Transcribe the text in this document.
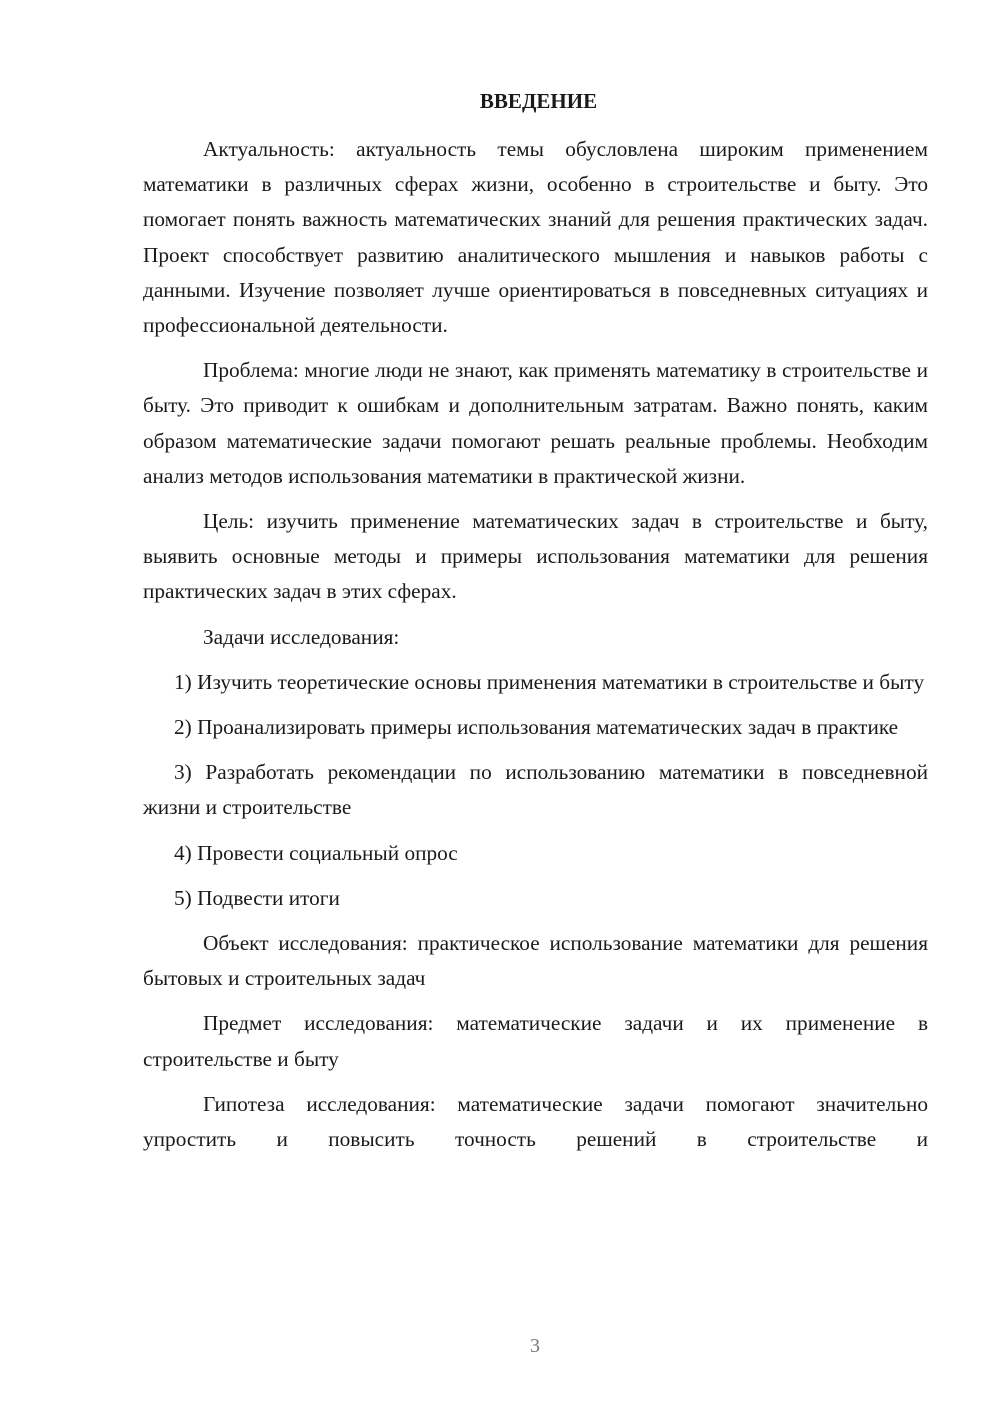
ВВЕДЕНИЕ

Актуальность: актуальность темы обусловлена широким применением математики в различных сферах жизни, особенно в строительстве и быту. Это помогает понять важность математических знаний для решения практических задач. Проект способствует развитию аналитического мышления и навыков работы с данными. Изучение позволяет лучше ориентироваться в повседневных ситуациях и профессиональной деятельности.

Проблема: многие люди не знают, как применять математику в строительстве и быту. Это приводит к ошибкам и дополнительным затратам. Важно понять, каким образом математические задачи помогают решать реальные проблемы. Необходим анализ методов использования математики в практической жизни.

Цель: изучить применение математических задач в строительстве и быту, выявить основные методы и примеры использования математики для решения практических задач в этих сферах.

Задачи исследования:

1) Изучить теоретические основы применения математики в строительстве и быту

2) Проанализировать примеры использования математических задач в практике

3) Разработать рекомендации по использованию математики в повседневной жизни и строительстве

4) Провести социальный опрос

5) Подвести итоги

Объект исследования: практическое использование математики для решения бытовых и строительных задач

Предмет исследования: математические задачи и их применение в строительстве и быту

Гипотеза исследования: математические задачи помогают значительно упростить и повысить точность решений в строительстве и

3
